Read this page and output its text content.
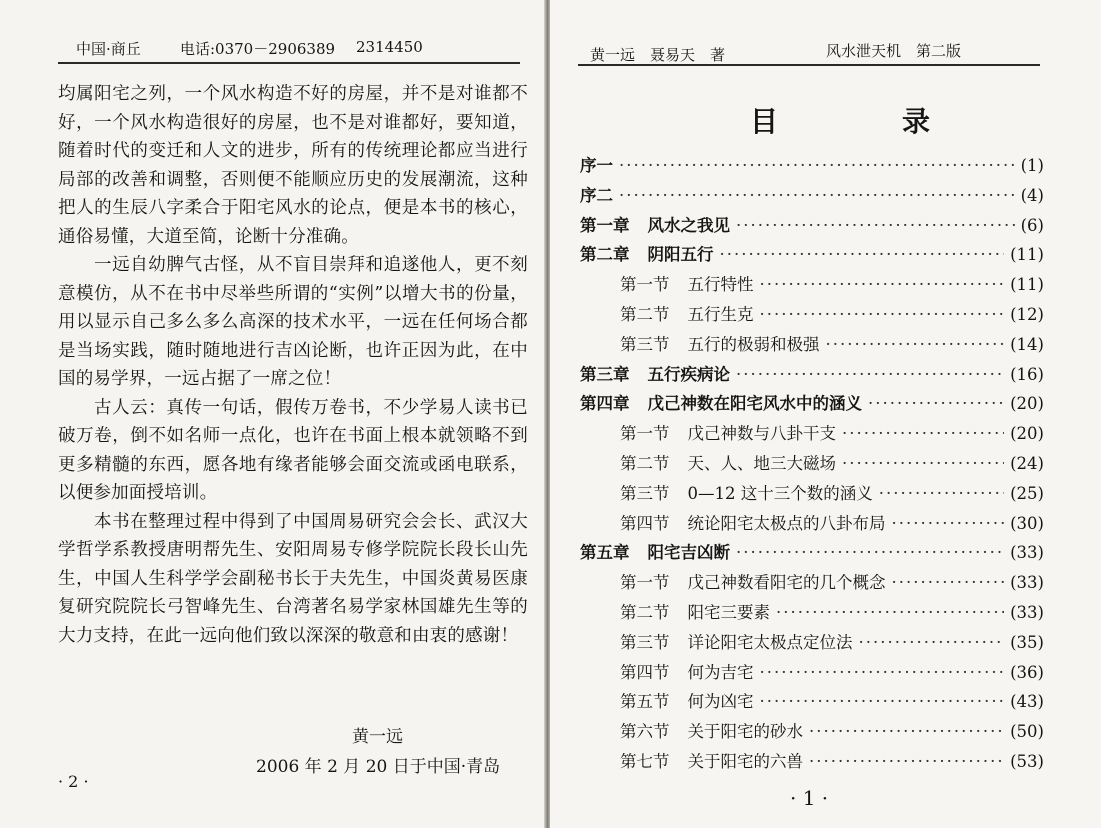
中国·商丘	电话:0370－2906389 2314450

均属阳宅之列，一个风水构造不好的房屋，并不是对谁都不好，一个风水构造很好的房屋，也不是对谁都好，要知道，随着时代的变迁和人文的进步，所有的传统理论都应当进行局部的改善和调整，否则便不能顺应历史的发展潮流，这种把人的生辰八字柔合于阳宅风水的论点，便是本书的核心，通俗易懂，大道至简，论断十分准确。

一远自幼脾气古怪，从不盲目崇拜和追遂他人，更不刻意模仿，从不在书中尽举些所谓的“实例”以增大书的份量，用以显示自己多么多么高深的技术水平，一远在任何场合都是当场实践，随时随地进行吉凶论断，也许正因为此，在中国的易学界，一远占据了一席之位！

古人云：真传一句话，假传万卷书，不少学易人读书已破万卷，倒不如名师一点化，也许在书面上根本就领略不到更多精髓的东西，愿各地有缘者能够会面交流或函电联系，以便参加面授培训。

本书在整理过程中得到了中国周易研究会会长、武汉大学哲学系教授唐明帮先生、安阳周易专修学院院长段长山先生，中国人生科学学会副秘书长于夫先生，中国炎黄易医康复研究院院长弓智峰先生、台湾著名易学家林国雄先生等的大力支持，在此一远向他们致以深深的敬意和由衷的感谢！

黄一远
2006 年 2 月 20 日于中国·青岛
· 2 ·
黄一远　聂易天　著	风水泄天机　第二版
目　录
序一 ·····	(1)
序二 ·····	(4)
第一章 风水之我见 ·····	(6)
第二章 阴阳五行 ·····	(11)
第一节 五行特性 ·····	(11)
第二节 五行生克 ·····	(12)
第三节 五行的极弱和极强 ·····	(14)
第三章 五行疾病论 ·····	(16)
第四章 戊己神数在阳宅风水中的涵义 ·····	(20)
第一节 戊己神数与八卦干支 ·····	(20)
第二节 天、人、地三大磁场 ·····	(24)
第三节 0—12 这十三个数的涵义 ·····	(25)
第四节 统论阳宅太极点的八卦布局 ·····	(30)
第五章 阳宅吉凶断 ·····	(33)
第一节 戊己神数看阳宅的几个概念 ·····	(33)
第二节 阳宅三要素 ·····	(33)
第三节 详论阳宅太极点定位法 ·····	(35)
第四节 何为吉宅 ·····	(36)
第五节 何为凶宅 ·····	(43)
第六节 关于阳宅的砂水 ·····	(50)
第七节 关于阳宅的六兽 ·····	(53)
· 1 ·
